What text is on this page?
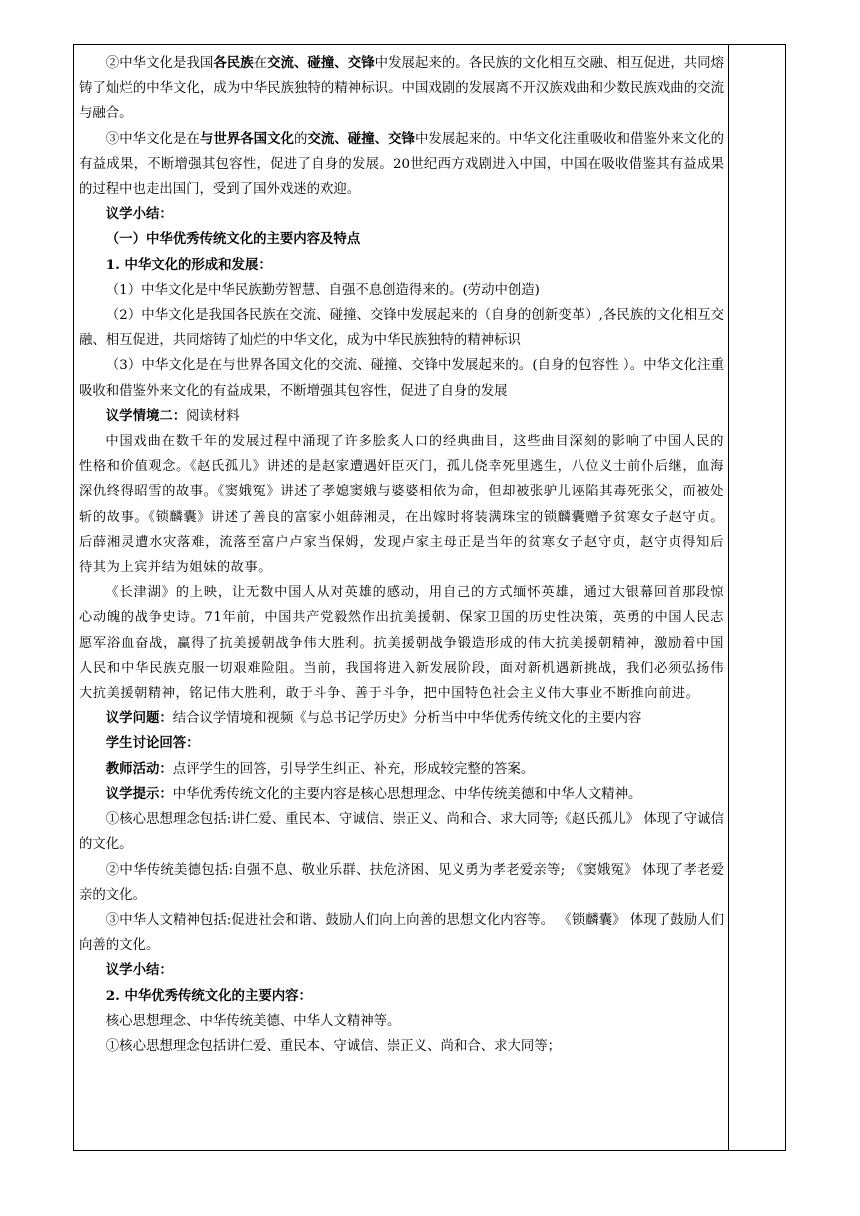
②中华文化是我国各民族在交流、碰撞、交锋中发展起来的。各民族的文化相互交融、相互促进，共同熔铸了灿烂的中华文化，成为中华民族独特的精神标识。中国戏剧的发展离不开汉族戏曲和少数民族戏曲的交流与融合。

③中华文化是在与世界各国文化的交流、碰撞、交锋中发展起来的。中华文化注重吸收和借鉴外来文化的有益成果，不断增强其包容性，促进了自身的发展。20世纪西方戏剧进入中国，中国在吸收借鉴其有益成果的过程中也走出国门，受到了国外戏迷的欢迎。

议学小结：

（一）中华优秀传统文化的主要内容及特点

1. 中华文化的形成和发展：

（1）中华文化是中华民族勤劳智慧、自强不息创造得来的。(劳动中创造)

（2）中华文化是我国各民族在交流、碰撞、交锋中发展起来的（自身的创新变革）,各民族的文化相互交融、相互促进，共同熔铸了灿烂的中华文化，成为中华民族独特的精神标识

（3）中华文化是在与世界各国文化的交流、碰撞、交锋中发展起来的。(自身的包容性 ）。中华文化注重吸收和借鉴外来文化的有益成果，不断增强其包容性，促进了自身的发展

议学情境二：阅读材料

中国戏曲在数千年的发展过程中涌现了许多脍炙人口的经典曲目，这些曲目深刻的影响了中国人民的性格和价值观念。《赵氏孤儿》讲述的是赵家遭遇奸臣灭门，孤儿侥幸死里逃生，八位义士前仆后继，血海深仇终得昭雪的故事。《窦娥冤》讲述了孝媳窦娥与婆婆相依为命，但却被张驴儿诬陷其毒死张父，而被处斩的故事。《锁麟囊》讲述了善良的富家小姐薛湘灵，在出嫁时将装满珠宝的锁麟囊赠予贫寒女子赵守贞。后薛湘灵遭水灾落难，流落至富户卢家当保姆，发现卢家主母正是当年的贫寒女子赵守贞，赵守贞得知后待其为上宾并结为姐妹的故事。

《长津湖》的上映，让无数中国人从对英雄的感动，用自己的方式缅怀英雄，通过大银幕回首那段惊心动魄的战争史诗。71年前，中国共产党毅然作出抗美援朝、保家卫国的历史性决策，英勇的中国人民志愿军浴血奋战，赢得了抗美援朝战争伟大胜利。抗美援朝战争锻造形成的伟大抗美援朝精神，激励着中国人民和中华民族克服一切艰难险阻。当前，我国将进入新发展阶段，面对新机遇新挑战，我们必须弘扬伟大抗美援朝精神，铭记伟大胜利，敢于斗争、善于斗争，把中国特色社会主义伟大事业不断推向前进。

议学问题：结合议学情境和视频《与总书记学历史》分析当中中华优秀传统文化的主要内容

学生讨论回答：

教师活动：点评学生的回答，引导学生纠正、补充，形成较完整的答案。

议学提示：中华优秀传统文化的主要内容是核心思想理念、中华传统美德和中华人文精神。

①核心思想理念包括:讲仁爱、重民本、守诚信、崇正义、尚和合、求大同等;《赵氏孤儿》 体现了守诚信的文化。

②中华传统美德包括:自强不息、敬业乐群、扶危济困、见义勇为孝老爱亲等; 《窦娥冤》 体现了孝老爱亲的文化。

③中华人文精神包括:促进社会和谐、鼓励人们向上向善的思想文化内容等。 《锁麟囊》 体现了鼓励人们向善的文化。

议学小结：

2. 中华优秀传统文化的主要内容：

核心思想理念、中华传统美德、中华人文精神等。

①核心思想理念包括讲仁爱、重民本、守诚信、崇正义、尚和合、求大同等；
